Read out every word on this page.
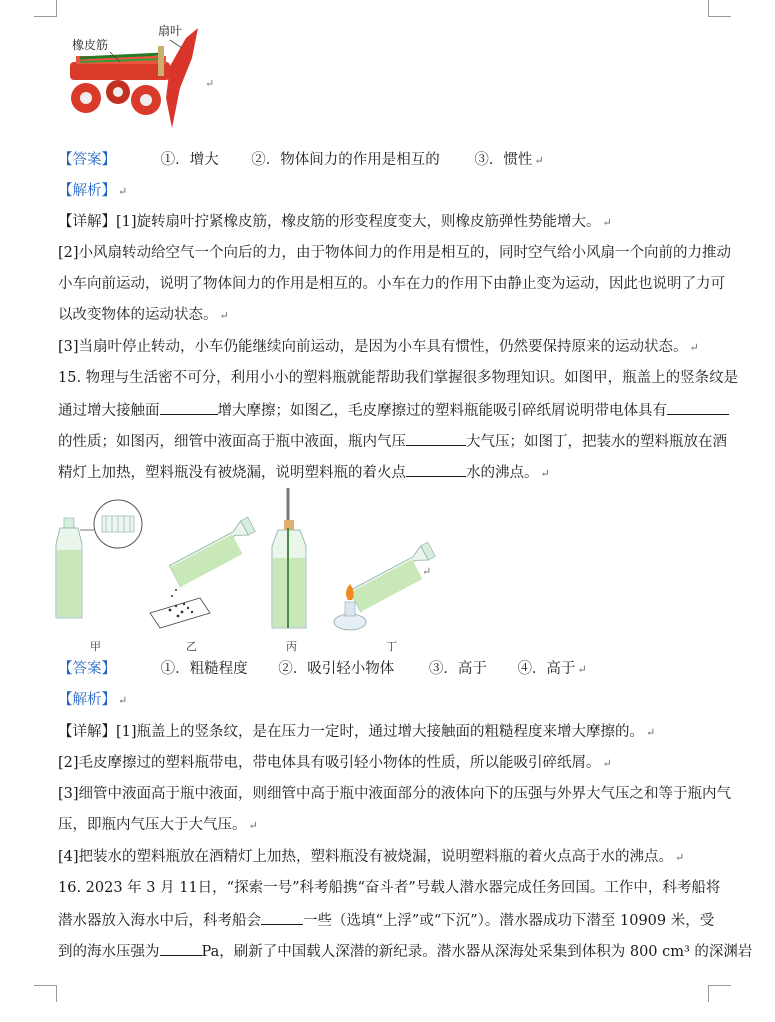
橡皮筋
扇叶
↵
【答案】	①．增大 ②．物体间力的作用是相互的 ③．惯性 ↵
【解析】 ↵
【详解】[1]旋转扇叶拧紧橡皮筋，橡皮筋的形变程度变大，则橡皮筋弹性势能增大。 ↵
[2]小风扇转动给空气一个向后的力，由于物体间力的作用是相互的，同时空气给小风扇一个向前的力推动
小车向前运动，说明了物体间力的作用是相互的。小车在力的作用下由静止变为运动，因此也说明了力可
以改变物体的运动状态。 ↵
[3]当扇叶停止转动，小车仍能继续向前运动，是因为小车具有惯性，仍然要保持原来的运动状态。 ↵
15. 物理与生活密不可分，利用小小的塑料瓶就能帮助我们掌握很多物理知识。如图甲，瓶盖上的竖条纹是
通过增大接触面	增大摩擦；如图乙，毛皮摩擦过的塑料瓶能吸引碎纸屑说明带电体具有
的性质；如图丙，细管中液面高于瓶中液面，瓶内气压	大气压；如图丁，把装水的塑料瓶放在酒
精灯上加热，塑料瓶没有被烧漏，说明塑料瓶的着火点	水的沸点。 ↵
甲	乙	丙	丁
↵
【答案】	①．粗糙程度 ②．吸引轻小物体 ③．高于 ④．高于 ↵
【解析】 ↵
【详解】[1]瓶盖上的竖条纹，是在压力一定时，通过增大接触面的粗糙程度来增大摩擦的。 ↵
[2]毛皮摩擦过的塑料瓶带电，带电体具有吸引轻小物体的性质，所以能吸引碎纸屑。 ↵
[3]细管中液面高于瓶中液面，则细管中高于瓶中液面部分的液体向下的压强与外界大气压之和等于瓶内气
压，即瓶内气压大于大气压。 ↵
[4]把装水的塑料瓶放在酒精灯上加热，塑料瓶没有被烧漏，说明塑料瓶的着火点高于水的沸点。 ↵
16. 2023 年 3 月 11日，“探索一号”科考船携“奋斗者”号载人潜水器完成任务回国。工作中，科考船将
潜水器放入海水中后，科考船会	一些（选填“上浮”或“下沉”）。潜水器成功下潜至 10909 米，受
到的海水压强为	Pa，刷新了中国载人深潜的新纪录。潜水器从深海处采集到体积为 800 cm³ 的深渊岩
